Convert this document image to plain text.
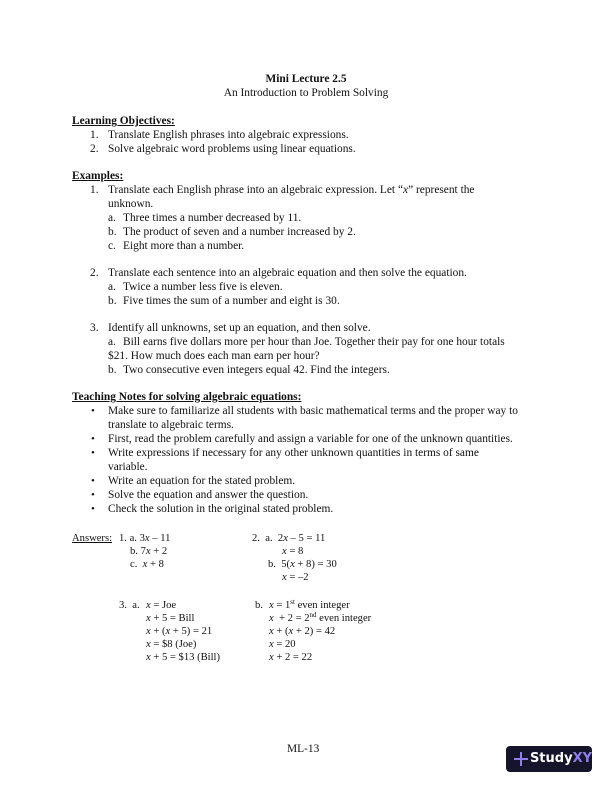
Mini Lecture 2.5
An Introduction to Problem Solving
Learning Objectives:
1. Translate English phrases into algebraic expressions.
2. Solve algebraic word problems using linear equations.
Examples:
1. Translate each English phrase into an algebraic expression. Let “x” represent the
unknown.
a. Three times a number decreased by 11.
b. The product of seven and a number increased by 2.
c. Eight more than a number.
2. Translate each sentence into an algebraic equation and then solve the equation.
a. Twice a number less five is eleven.
b. Five times the sum of a number and eight is 30.
3. Identify all unknowns, set up an equation, and then solve.
a. Bill earns five dollars more per hour than Joe. Together their pay for one hour totals
$21. How much does each man earn per hour?
b. Two consecutive even integers equal 42. Find the integers.
Teaching Notes for solving algebraic equations:
• Make sure to familiarize all students with basic mathematical terms and the proper way to
translate to algebraic terms.
• First, read the problem carefully and assign a variable for one of the unknown quantities.
• Write expressions if necessary for any other unknown quantities in terms of same
variable.
• Write an equation for the stated problem.
• Solve the equation and answer the question.
• Check the solution in the original stated problem.
Answers: 1. a. 3x – 11
b. 7x + 2
c. x + 8
2. a. 2x – 5 = 11
x = 8
b. 5(x + 8) = 30
x = –2
3. a. x = Joe
x + 5 = Bill
x + (x + 5) = 21
x = $8 (Joe)
x + 5 = $13 (Bill)
b. x = 1st even integer
x  + 2 = 2nd even integer
x + (x + 2) = 42
x = 20
x + 2 = 22
ML-13
Study XY
